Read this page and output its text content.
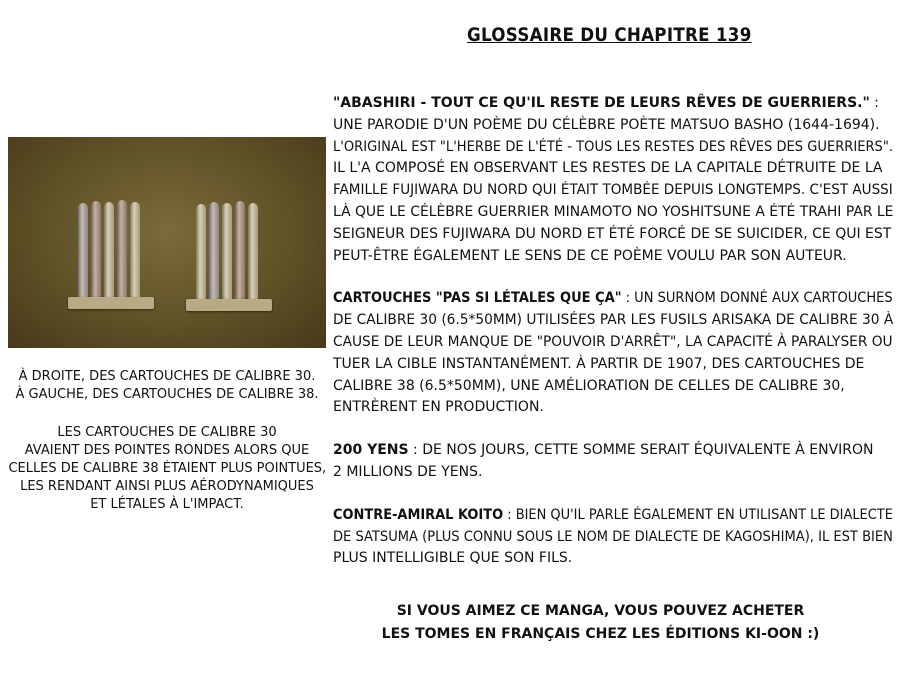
GLOSSAIRE DU CHAPITRE 139
À DROITE, DES CARTOUCHES DE CALIBRE 30.
À GAUCHE, DES CARTOUCHES DE CALIBRE 38.
LES CARTOUCHES DE CALIBRE 30
AVAIENT DES POINTES RONDES ALORS QUE
CELLES DE CALIBRE 38 ÉTAIENT PLUS POINTUES,
LES RENDANT AINSI PLUS AÉRODYNAMIQUES
ET LÉTALES À L'IMPACT.
"ABASHIRI - TOUT CE QU'IL RESTE DE LEURS RÊVES DE GUERRIERS." :
UNE PARODIE D'UN POÈME DU CÉLÈBRE POÈTE MATSUO BASHO (1644-1694).
L'ORIGINAL EST "L'HERBE DE L'ÉTÉ - TOUS LES RESTES DES RÊVES DES GUERRIERS".
IL L'A COMPOSÉ EN OBSERVANT LES RESTES DE LA CAPITALE DÉTRUITE DE LA
FAMILLE FUJIWARA DU NORD QUI ÉTAIT TOMBÉE DEPUIS LONGTEMPS. C'EST AUSSI
LÀ QUE LE CÉLÈBRE GUERRIER MINAMOTO NO YOSHITSUNE A ÉTÉ TRAHI PAR LE
SEIGNEUR DES FUJIWARA DU NORD ET ÉTÉ FORCÉ DE SE SUICIDER, CE QUI EST
PEUT-ÊTRE ÉGALEMENT LE SENS DE CE POÈME VOULU PAR SON AUTEUR.
CARTOUCHES "PAS SI LÉTALES QUE ÇA" : UN SURNOM DONNÉ AUX CARTOUCHES
DE CALIBRE 30 (6.5*50MM) UTILISÉES PAR LES FUSILS ARISAKA DE CALIBRE 30 À
CAUSE DE LEUR MANQUE DE "POUVOIR D'ARRÊT", LA CAPACITÉ À PARALYSER OU
TUER LA CIBLE INSTANTANÉMENT. À PARTIR DE 1907, DES CARTOUCHES DE
CALIBRE 38 (6.5*50MM), UNE AMÉLIORATION DE CELLES DE CALIBRE 30,
ENTRÈRENT EN PRODUCTION.
200 YENS : DE NOS JOURS, CETTE SOMME SERAIT ÉQUIVALENTE À ENVIRON
2 MILLIONS DE YENS.
CONTRE-AMIRAL KOITO : BIEN QU'IL PARLE ÉGALEMENT EN UTILISANT LE DIALECTE
DE SATSUMA (PLUS CONNU SOUS LE NOM DE DIALECTE DE KAGOSHIMA), IL EST BIEN
PLUS INTELLIGIBLE QUE SON FILS.
SI VOUS AIMEZ CE MANGA, VOUS POUVEZ ACHETER
LES TOMES EN FRANÇAIS CHEZ LES ÉDITIONS KI-OON :)
